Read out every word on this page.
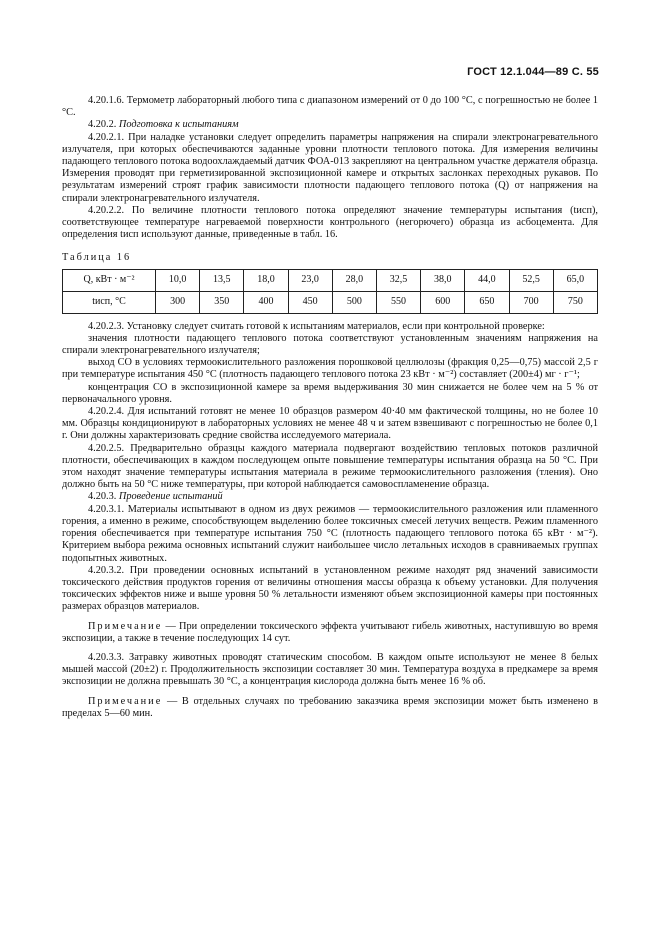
ГОСТ 12.1.044—89 С. 55

4.20.1.6. Термометр лабораторный любого типа с диапазоном измерений от 0 до 100 °С, с погрешностью не более 1 °С.

4.20.2. Подготовка к испытаниям

4.20.2.1. При наладке установки следует определить параметры напряжения на спирали электронагревательного излучателя, при которых обеспечиваются заданные уровни плотности теплового потока. Для измерения величины падающего теплового потока водоохлаждаемый датчик ФОА-013 закрепляют на центральном участке держателя образца. Измерения проводят при герметизированной экспозиционной камере и открытых заслонках переходных рукавов. По результатам измерений строят график зависимости плотности падающего теплового потока (Q) от напряжения на спирали электронагревательного излучателя.

4.20.2.2. По величине плотности теплового потока определяют значение температуры испытания (tисп), соответствующее температуре нагреваемой поверхности контрольного (негорючего) образца из асбоцемента. Для определения tисп используют данные, приведенные в табл. 16.

Таблица 16

Q, кВт · м⁻²	10,0	13,5	18,0	23,0	28,0	32,5	38,0	44,0	52,5	65,0
tисп, °С	300	350	400	450	500	550	600	650	700	750

4.20.2.3. Установку следует считать готовой к испытаниям материалов, если при контрольной проверке:

значения плотности падающего теплового потока соответствуют установленным значениям напряжения на спирали электронагревательного излучателя;

выход СО в условиях термоокислительного разложения порошковой целлюлозы (фракция 0,25—0,75) массой 2,5 г при температуре испытания 450 °С (плотность падающего теплового потока 23 кВт · м⁻²) составляет (200±4) мг · г⁻¹;

концентрация СО в экспозиционной камере за время выдерживания 30 мин снижается не более чем на 5 % от первоначального уровня.

4.20.2.4. Для испытаний готовят не менее 10 образцов размером 40·40 мм фактической толщины, но не более 10 мм. Образцы кондиционируют в лабораторных условиях не менее 48 ч и затем взвешивают с погрешностью не более 0,1 г. Они должны характеризовать средние свойства исследуемого материала.

4.20.2.5. Предварительно образцы каждого материала подвергают воздействию тепловых потоков различной плотности, обеспечивающих в каждом последующем опыте повышение температуры испытания образца на 50 °С. При этом находят значение температуры испытания материала в режиме термоокислительного разложения (тления). Оно должно быть на 50 °С ниже температуры, при которой наблюдается самовоспламенение образца.

4.20.3. Проведение испытаний

4.20.3.1. Материалы испытывают в одном из двух режимов — термоокислительного разложения или пламенного горения, а именно в режиме, способствующем выделению более токсичных смесей летучих веществ. Режим пламенного горения обеспечивается при температуре испытания 750 °С (плотность падающего теплового потока 65 кВт · м⁻²). Критерием выбора режима основных испытаний служит наибольшее число летальных исходов в сравниваемых группах подопытных животных.

4.20.3.2. При проведении основных испытаний в установленном режиме находят ряд значений зависимости токсического действия продуктов горения от величины отношения массы образца к объему установки. Для получения токсических эффектов ниже и выше уровня 50 % летальности изменяют объем экспозиционной камеры при постоянных размерах образцов материалов.

Примечание — При определении токсического эффекта учитывают гибель животных, наступившую во время экспозиции, а также в течение последующих 14 сут.

4.20.3.3. Затравку животных проводят статическим способом. В каждом опыте используют не менее 8 белых мышей массой (20±2) г. Продолжительность экспозиции составляет 30 мин. Температура воздуха в предкамере за время экспозиции не должна превышать 30 °С, а концентрация кислорода должна быть менее 16 % об.

Примечание — В отдельных случаях по требованию заказчика время экспозиции может быть изменено в пределах 5—60 мин.
